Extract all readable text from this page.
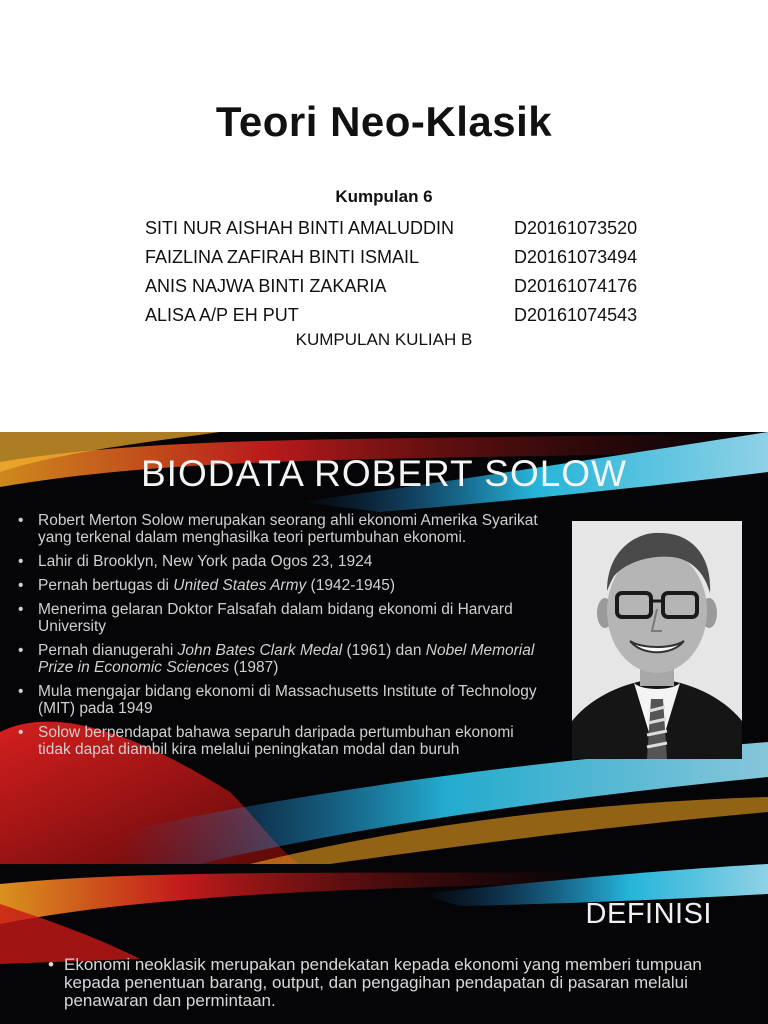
Teori Neo-Klasik
Kumpulan 6
SITI NUR AISHAH BINTI AMALUDDIN	D20161073520
FAIZLINA ZAFIRAH BINTI ISMAIL	D20161073494
ANIS NAJWA BINTI ZAKARIA	D20161074176
ALISA A/P EH PUT	D20161074543
KUMPULAN KULIAH B
BIODATA ROBERT SOLOW
• Robert Merton Solow merupakan seorang ahli ekonomi Amerika Syarikat yang terkenal dalam menghasilka teori pertumbuhan ekonomi.
• Lahir di Brooklyn, New York pada Ogos 23, 1924
• Pernah bertugas di United States Army (1942-1945)
• Menerima gelaran Doktor Falsafah dalam bidang ekonomi di Harvard University
• Pernah dianugerahi John Bates Clark Medal (1961) dan Nobel Memorial Prize in Economic Sciences (1987)
• Mula mengajar bidang ekonomi di Massachusetts Institute of Technology (MIT) pada 1949
• Solow berpendapat bahawa separuh daripada pertumbuhan ekonomi tidak dapat diambil kira melalui peningkatan modal dan buruh
DEFINISI
• Ekonomi neoklasik merupakan pendekatan kepada ekonomi yang memberi tumpuan kepada penentuan barang, output, dan pengagihan pendapatan di pasaran melalui penawaran dan permintaan.
